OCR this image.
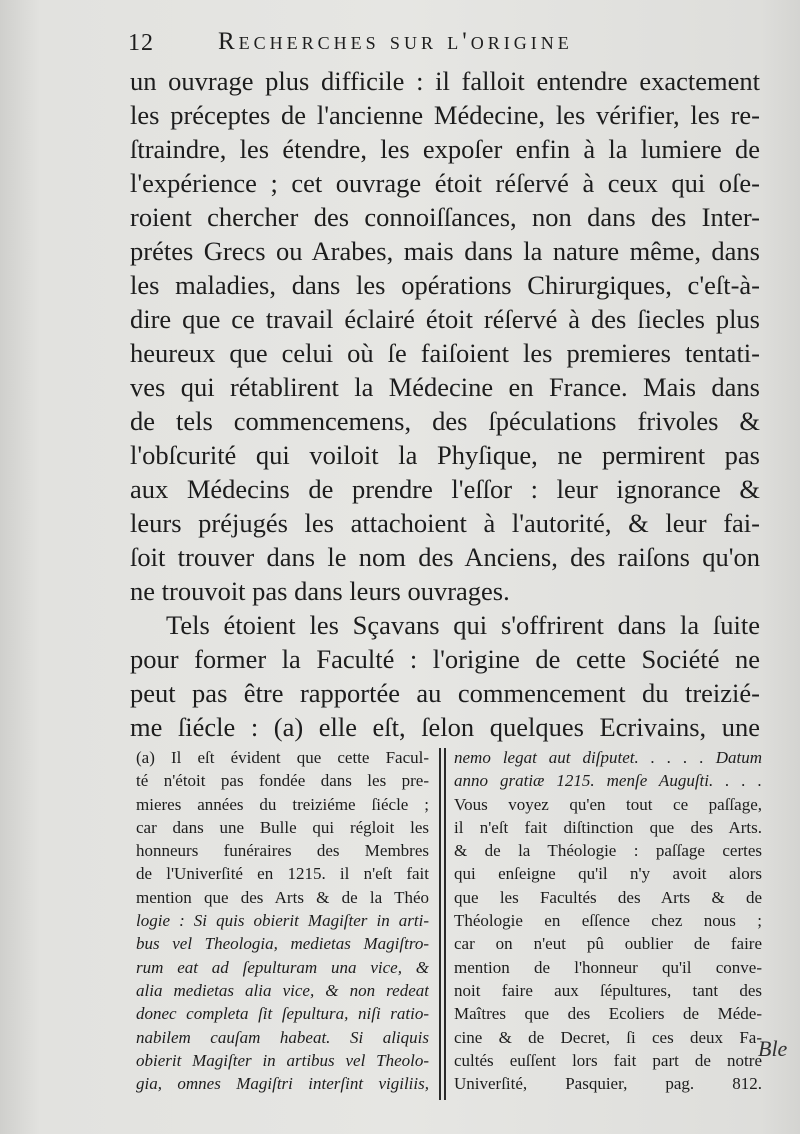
12	Recherches sur l'origine
un ouvrage plus difficile : il falloit entendre exactement
les préceptes de l'ancienne Médecine, les vérifier, les re-
ſtraindre, les étendre, les expoſer enfin à la lumiere de
l'expérience ; cet ouvrage étoit réſervé à ceux qui oſe-
roient chercher des connoiſſances, non dans des Inter-
prétes Grecs ou Arabes, mais dans la nature même, dans
les maladies, dans les opérations Chirurgiques, c'eſt-à-
dire que ce travail éclairé étoit réſervé à des ſiecles plus
heureux que celui où ſe faiſoient les premieres tentati-
ves qui rétablirent la Médecine en France. Mais dans
de tels commencemens, des ſpéculations frivoles &
l'obſcurité qui voiloit la Phyſique, ne permirent pas
aux Médecins de prendre l'eſſor : leur ignorance &
leurs préjugés les attachoient à l'autorité, & leur fai-
ſoit trouver dans le nom des Anciens, des raiſons qu'on
ne trouvoit pas dans leurs ouvrages.
Tels étoient les Sçavans qui s'offrirent dans la ſuite
pour former la Faculté : l'origine de cette Société ne
peut pas être rapportée au commencement du treizié-
me ſiécle : (a) elle eſt, ſelon quelques Ecrivains, une
(a) Il eſt évident que cette Facul-
té n'étoit pas fondée dans les pre-
mieres années du treiziéme ſiécle ;
car dans une Bulle qui régloit les
honneurs funéraires des Membres
de l'Univerſité en 1215. il n'eſt fait
mention que des Arts & de la Théo
logie : Si quis obierit Magiſter in arti-
bus vel Theologia, medietas Magiſtro-
rum eat ad ſepulturam una vice, &
alia medietas alia vice, & non redeat
donec completa ſit ſepultura, niſi ratio-
nabilem cauſam habeat. Si aliquis
obierit Magiſter in artibus vel Theolo-
gia, omnes Magiſtri interſint vigiliis,
nemo legat aut diſputet. . . . . Datum
anno gratiæ 1215. menſe Auguſti. . . .
Vous voyez qu'en tout ce paſſage,
il n'eſt fait diſtinction que des Arts.
& de la Théologie : paſſage certes
qui enſeigne qu'il n'y avoit alors
que les Facultés des Arts & de
Théologie en eſſence chez nous ;
car on n'eut pû oublier de faire
mention de l'honneur qu'il conve-
noit faire aux ſépultures, tant des
Maîtres que des Ecoliers de Méde-
cine & de Decret, ſi ces deux Fa-
cultés euſſent lors fait part de notre
Univerſité, Pasquier, pag. 812.
Ble
